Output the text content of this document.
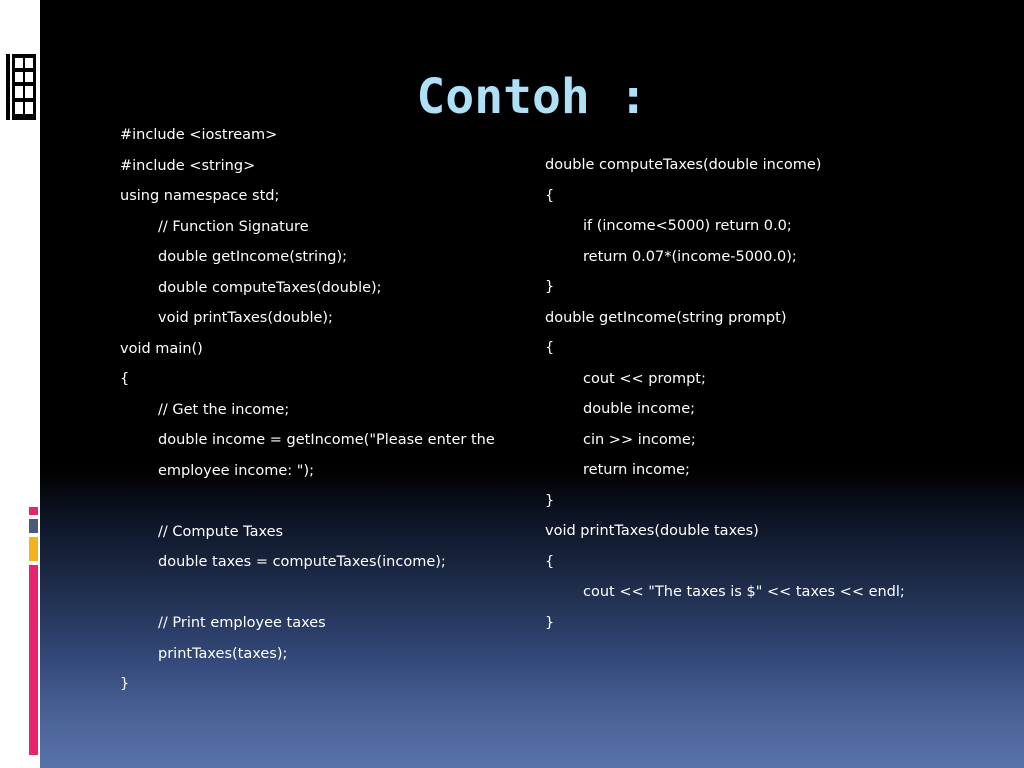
Contoh :
#include <iostream>
#include <string>
using namespace std;
// Function Signature
double getIncome(string);
double computeTaxes(double);
void printTaxes(double);
void main()
{
// Get the income;
double income = getIncome("Please enter the
employee income: ");
// Compute Taxes
double taxes = computeTaxes(income);
// Print employee taxes
printTaxes(taxes);
}
double computeTaxes(double income)
{
if (income<5000) return 0.0;
return 0.07*(income-5000.0);
}
double getIncome(string prompt)
{
cout << prompt;
double income;
cin >> income;
return income;
}
void printTaxes(double taxes)
{
cout << "The taxes is $" << taxes << endl;
}
